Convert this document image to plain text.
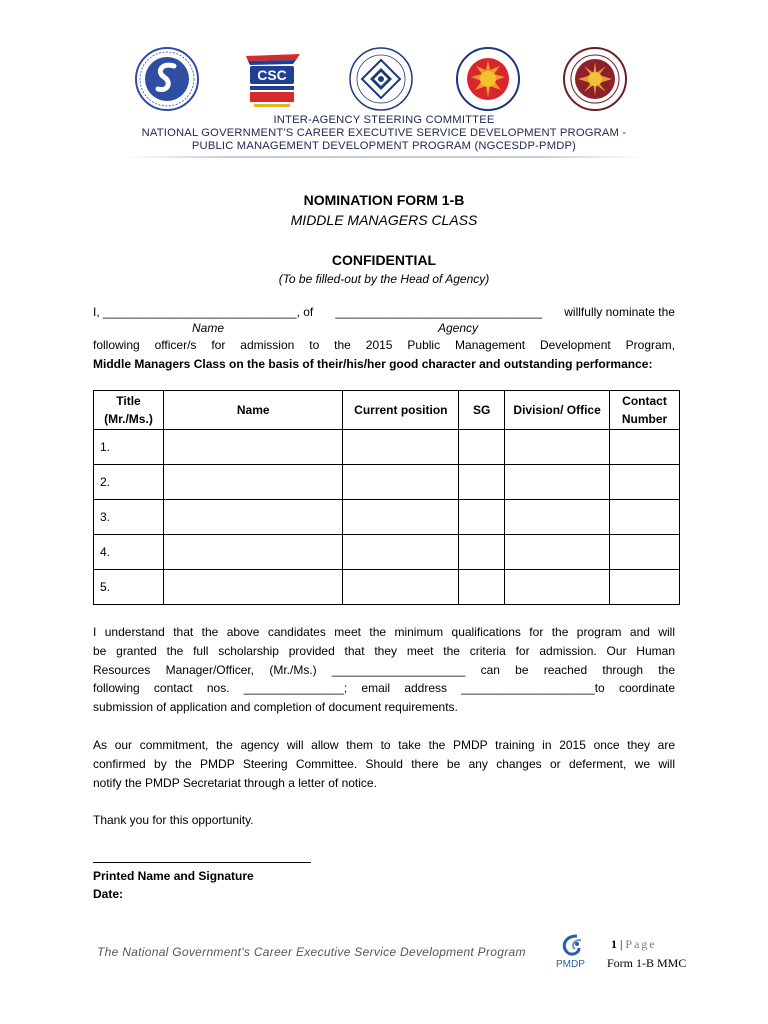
CSC
INTER-AGENCY STEERING COMMITTEE
NATIONAL GOVERNMENT'S CAREER EXECUTIVE SERVICE DEVELOPMENT PROGRAM -
PUBLIC MANAGEMENT DEVELOPMENT PROGRAM (NGCESDP-PMDP)
NOMINATION FORM 1-B
MIDDLE MANAGERS CLASS
CONFIDENTIAL
(To be filled-out by the Head of Agency)
I, _____________________________, of _______________________________ willfully nominate the
Name	Agency
following officer/s for admission to the 2015 Public Management Development Program,
Middle Managers Class on the basis of their/his/her good character and outstanding performance:
Title (Mr./Ms.)	Name	Current position	SG	Division/ Office	Contact Number
1.					
2.					
3.					
4.					
5.					
I understand that the above candidates meet the minimum qualifications for the program and will
be granted the full scholarship provided that they meet the criteria for admission. Our Human
Resources Manager/Officer, (Mr./Ms.) ____________________ can be reached through the
following contact nos. _______________; email address ____________________to coordinate
submission of application and completion of document requirements.
As our commitment, the agency will allow them to take the PMDP training in 2015 once they are
confirmed by the PMDP Steering Committee. Should there be any changes or deferment, we will
notify the PMDP Secretariat through a letter of notice.
Thank you for this opportunity.
Printed Name and Signature
Date:
The National Government's Career Executive Service Development Program
PMDP
1 | Page
Form 1-B MMC
